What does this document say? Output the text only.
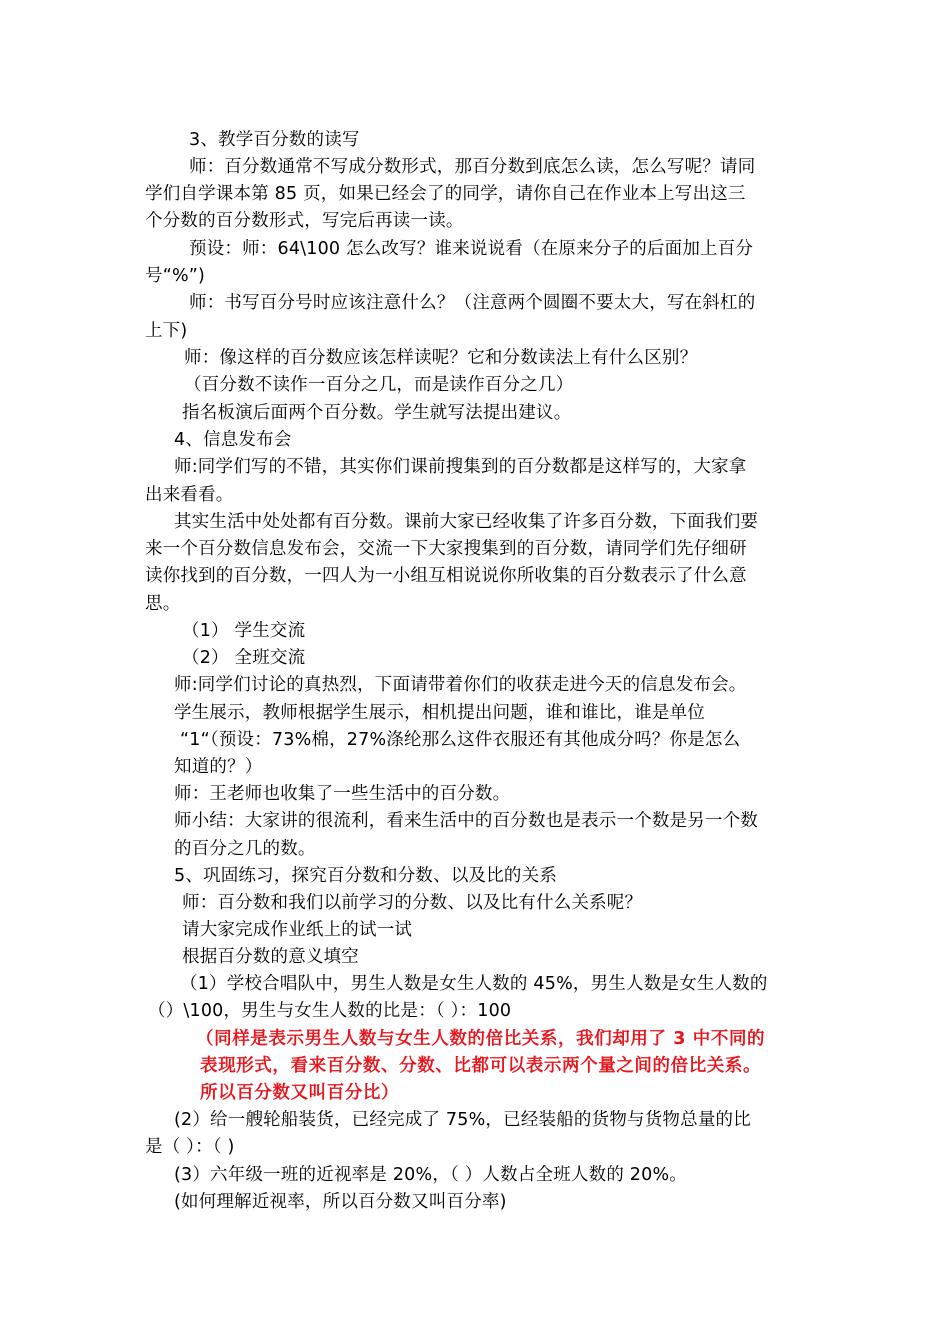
3、教学百分数的读写
师：百分数通常不写成分数形式，那百分数到底怎么读，怎么写呢？请同
学们自学课本第 85 页，如果已经会了的同学，请你自己在作业本上写出这三
个分数的百分数形式，写完后再读一读。
预设：师：64\100 怎么改写？谁来说说看（在原来分子的后面加上百分
号“%”)
师：书写百分号时应该注意什么？（注意两个圆圈不要太大，写在斜杠的
上下)
师：像这样的百分数应该怎样读呢？它和分数读法上有什么区别？
（百分数不读作一百分之几，而是读作百分之几）
指名板演后面两个百分数。学生就写法提出建议。
4、信息发布会
师:同学们写的不错，其实你们课前搜集到的百分数都是这样写的，大家拿
出来看看。
其实生活中处处都有百分数。课前大家已经收集了许多百分数，下面我们要
来一个百分数信息发布会，交流一下大家搜集到的百分数，请同学们先仔细研
读你找到的百分数，一四人为一小组互相说说你所收集的百分数表示了什么意
思。
（1） 学生交流
（2） 全班交流
师:同学们讨论的真热烈，下面请带着你们的收获走进今天的信息发布会。
学生展示，教师根据学生展示，相机提出问题，谁和谁比，谁是单位
“1“（预设：73%棉，27%涤纶那么这件衣服还有其他成分吗？你是怎么
知道的？）
师：王老师也收集了一些生活中的百分数。
师小结：大家讲的很流利，看来生活中的百分数也是表示一个数是另一个数
的百分之几的数。
5、巩固练习，探究百分数和分数、以及比的关系
师：百分数和我们以前学习的分数、以及比有什么关系呢？
请大家完成作业纸上的试一试
根据百分数的意义填空
（1）学校合唱队中，男生人数是女生人数的 45%，男生人数是女生人数的
（）\100，男生与女生人数的比是：（ ）：100
（同样是表示男生人数与女生人数的倍比关系，我们却用了 3 中不同的
表现形式，看来百分数、分数、比都可以表示两个量之间的倍比关系。
所以百分数又叫百分比）
(2）给一艘轮船装货，已经完成了 75%，已经装船的货物与货物总量的比
是（ ）：（ )
(3）六年级一班的近视率是 20%，（ ）人数占全班人数的 20%。
(如何理解近视率，所以百分数又叫百分率)
